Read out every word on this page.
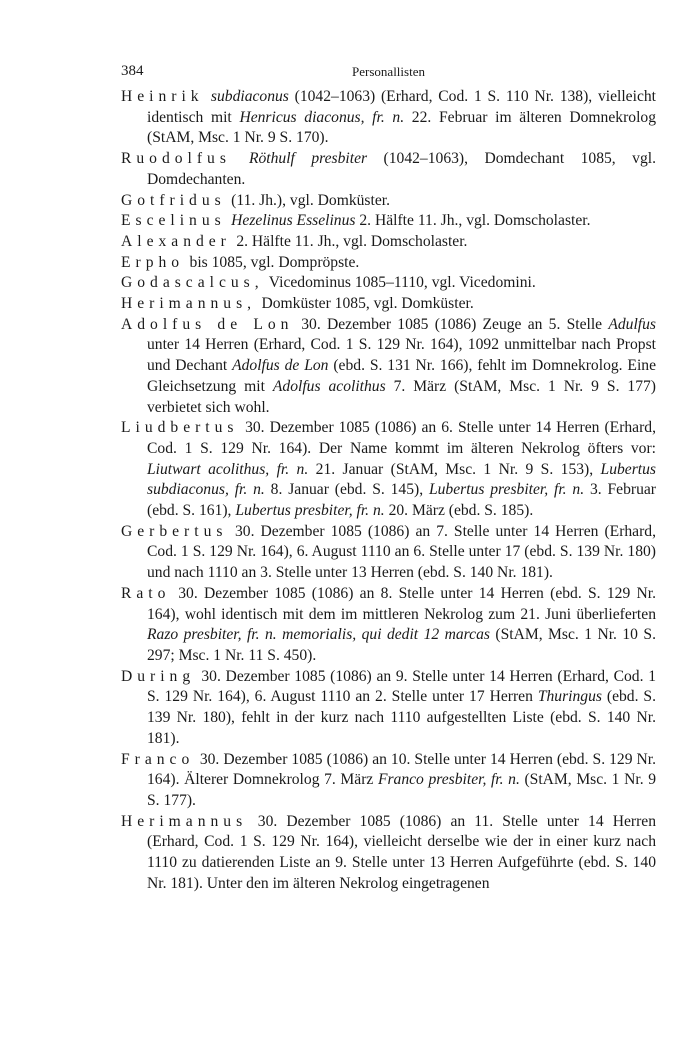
384	Personallisten

Heinrik subdiaconus (1042–1063) (Erhard, Cod. 1 S. 110 Nr. 138), vielleicht identisch mit Henricus diaconus, fr. n. 22. Februar im älteren Domnekrolog (StAM, Msc. 1 Nr. 9 S. 170).

Ruodolfus Röthulf presbiter (1042–1063), Domdechant 1085, vgl. Domdechanten.

Gotfridus (11. Jh.), vgl. Domküster.

Escelinus Hezelinus Esselinus 2. Hälfte 11. Jh., vgl. Domscholaster.

Alexander 2. Hälfte 11. Jh., vgl. Domscholaster.

Erpho bis 1085, vgl. Dompröpste.

Godascalcus, Vicedominus 1085–1110, vgl. Vicedomini.

Herimannus, Domküster 1085, vgl. Domküster.

Adolfus de Lon 30. Dezember 1085 (1086) Zeuge an 5. Stelle Adulfus unter 14 Herren (Erhard, Cod. 1 S. 129 Nr. 164), 1092 unmittelbar nach Propst und Dechant Adolfus de Lon (ebd. S. 131 Nr. 166), fehlt im Domnekrolog. Eine Gleichsetzung mit Adolfus acolithus 7. März (StAM, Msc. 1 Nr. 9 S. 177) verbietet sich wohl.

Liudbertus 30. Dezember 1085 (1086) an 6. Stelle unter 14 Herren (Erhard, Cod. 1 S. 129 Nr. 164). Der Name kommt im älteren Nekrolog öfters vor: Liutwart acolithus, fr. n. 21. Januar (StAM, Msc. 1 Nr. 9 S. 153), Lubertus subdiaconus, fr. n. 8. Januar (ebd. S. 145), Lubertus presbiter, fr. n. 3. Februar (ebd. S. 161), Lubertus presbiter, fr. n. 20. März (ebd. S. 185).

Gerbertus 30. Dezember 1085 (1086) an 7. Stelle unter 14 Herren (Erhard, Cod. 1 S. 129 Nr. 164), 6. August 1110 an 6. Stelle unter 17 (ebd. S. 139 Nr. 180) und nach 1110 an 3. Stelle unter 13 Herren (ebd. S. 140 Nr. 181).

Rato 30. Dezember 1085 (1086) an 8. Stelle unter 14 Herren (ebd. S. 129 Nr. 164), wohl identisch mit dem im mittleren Nekrolog zum 21. Juni überlieferten Razo presbiter, fr. n. memorialis, qui dedit 12 marcas (StAM, Msc. 1 Nr. 10 S. 297; Msc. 1 Nr. 11 S. 450).

During 30. Dezember 1085 (1086) an 9. Stelle unter 14 Herren (Erhard, Cod. 1 S. 129 Nr. 164), 6. August 1110 an 2. Stelle unter 17 Herren Thuringus (ebd. S. 139 Nr. 180), fehlt in der kurz nach 1110 aufgestellten Liste (ebd. S. 140 Nr. 181).

Franco 30. Dezember 1085 (1086) an 10. Stelle unter 14 Herren (ebd. S. 129 Nr. 164). Älterer Domnekrolog 7. März Franco presbiter, fr. n. (StAM, Msc. 1 Nr. 9 S. 177).

Herimannus 30. Dezember 1085 (1086) an 11. Stelle unter 14 Herren (Erhard, Cod. 1 S. 129 Nr. 164), vielleicht derselbe wie der in einer kurz nach 1110 zu datierenden Liste an 9. Stelle unter 13 Herren Aufgeführte (ebd. S. 140 Nr. 181). Unter den im älteren Nekrolog eingetragenen
